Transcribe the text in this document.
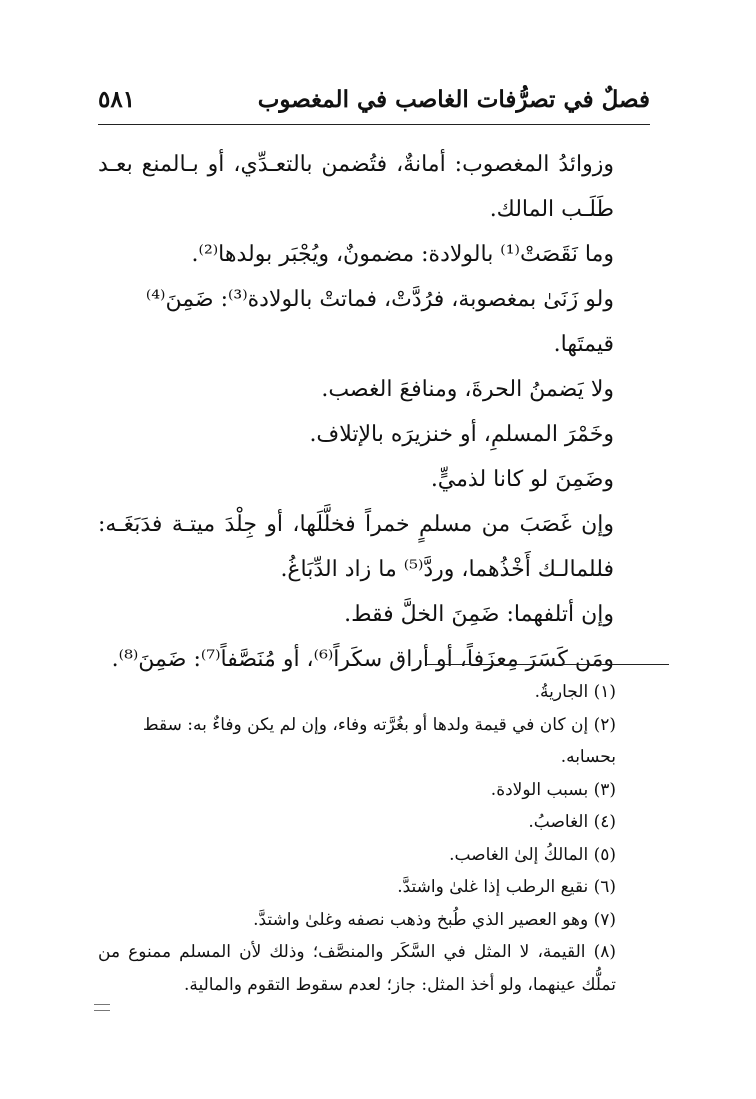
٥٨١	فصلٌ في تصرُّفات الغاصب في المغصوب

وزوائدُ المغصوب: أمانةٌ، فتُضمن بالتعـدِّي، أو بـالمنع بعـد طَلَـب المالك.

وما نَقَصَتْ⁽¹⁾ بالولادة: مضمونٌ، ويُجْبَر بولدها⁽²⁾.

ولو زَنَىٰ بمغصوبة، فرُدَّتْ، فماتتْ بالولادة⁽³⁾: ضَمِنَ⁽⁴⁾ قيمتَها.

ولا يَضمنُ الحرةَ، ومنافعَ الغصب.

وخَمْرَ المسلمِ، أو خنزيرَه بالإتلاف.

وضَمِنَ لو كانا لذميٍّ.

وإن غَصَبَ من مسلمٍ خمراً فخلَّلَها، أو جِلْدَ ميتـة فدَبَغَـه: فللمالـك أَخْذُهما، وردَّ⁽⁵⁾ ما زاد الدِّبَاغُ.

وإن أتلفهما: ضَمِنَ الخلَّ فقط.

ومَن كَسَرَ مِعزَفاً، أو أراق سكَراً⁽⁶⁾، أو مُنَصَّفاً⁽⁷⁾: ضَمِنَ⁽⁸⁾.

(١) الجاريةُ.

(٢) إن كان في قيمة ولدها أو بغُرَّته وفاء، وإن لم يكن وفاءٌ به: سقط بحسابه.

(٣) بسبب الولادة.

(٤) الغاصبُ.

(٥) المالكُ إلىٰ الغاصب.

(٦) نقيع الرطب إذا غلىٰ واشتدَّ.

(٧) وهو العصير الذي طُبخ وذهب نصفه وغلىٰ واشتدَّ.

(٨) القيمة، لا المثل في السَّكَر والمنصَّف؛ وذلك لأن المسلم ممنوع من تملُّك عينهما، ولو أخذ المثل: جاز؛ لعدم سقوط التقوم والمالية.
